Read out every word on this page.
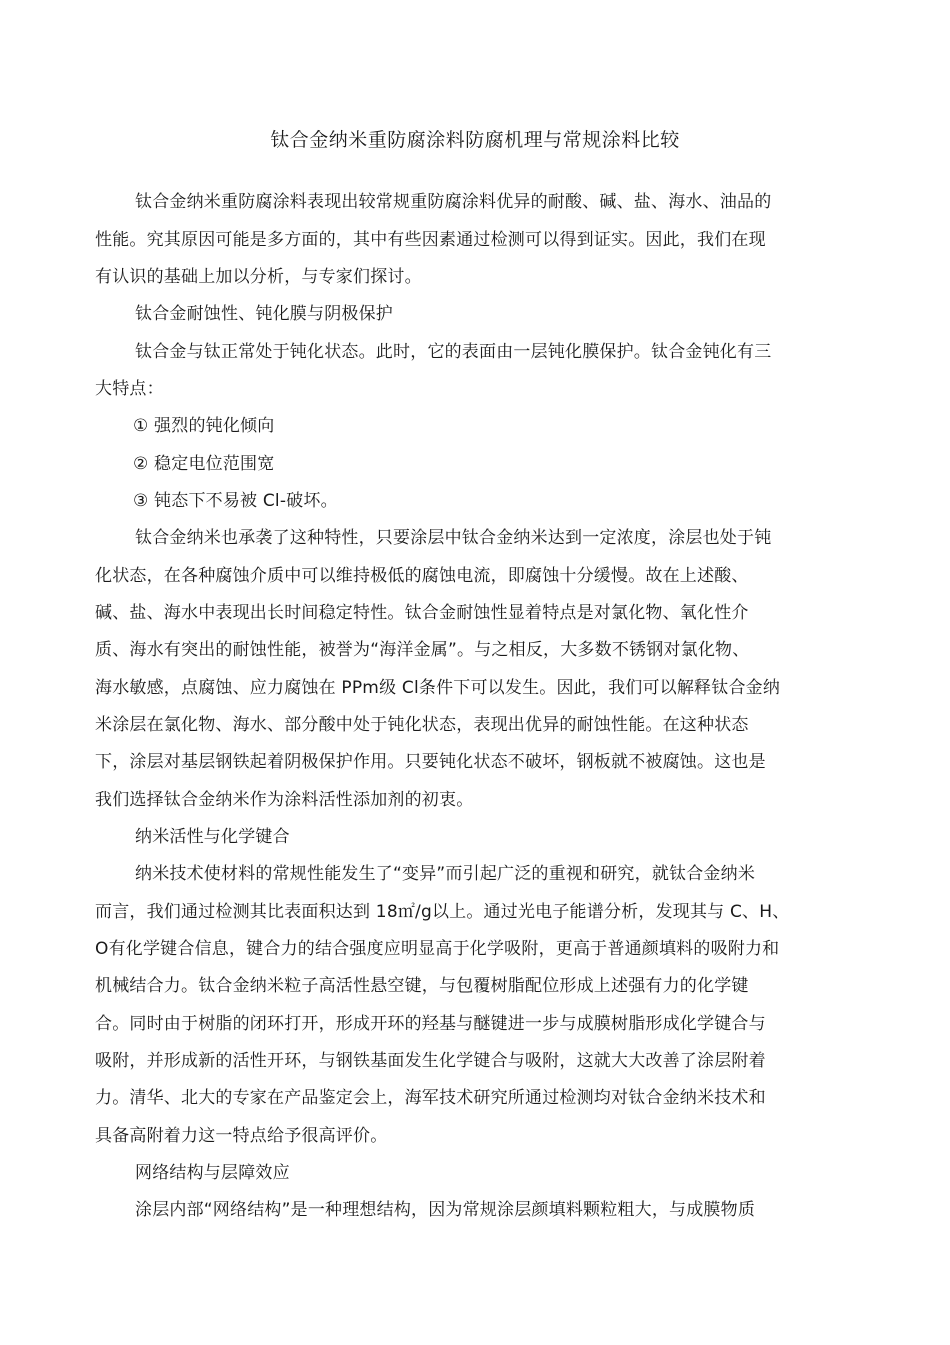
钛合金纳米重防腐涂料防腐机理与常规涂料比较
钛合金纳米重防腐涂料表现出较常规重防腐涂料优异的耐酸、碱、盐、海水、油品的
性能。究其原因可能是多方面的，其中有些因素通过检测可以得到证实。因此，我们在现
有认识的基础上加以分析，与专家们探讨。
钛合金耐蚀性、钝化膜与阴极保护
钛合金与钛正常处于钝化状态。此时，它的表面由一层钝化膜保护。钛合金钝化有三
大特点：
① 强烈的钝化倾向
② 稳定电位范围宽
③ 钝态下不易被 Cl-破坏。
钛合金纳米也承袭了这种特性，只要涂层中钛合金纳米达到一定浓度，涂层也处于钝
化状态，在各种腐蚀介质中可以维持极低的腐蚀电流，即腐蚀十分缓慢。故在上述酸、
碱、盐、海水中表现出长时间稳定特性。钛合金耐蚀性显着特点是对氯化物、氧化性介
质、海水有突出的耐蚀性能，被誉为“海洋金属”。与之相反，大多数不锈钢对氯化物、
海水敏感，点腐蚀、应力腐蚀在 PPm级 Cl条件下可以发生。因此，我们可以解释钛合金纳
米涂层在氯化物、海水、部分酸中处于钝化状态，表现出优异的耐蚀性能。在这种状态
下，涂层对基层钢铁起着阴极保护作用。只要钝化状态不破坏，钢板就不被腐蚀。这也是
我们选择钛合金纳米作为涂料活性添加剂的初衷。
纳米活性与化学键合
纳米技术使材料的常规性能发生了“变异”而引起广泛的重视和研究，就钛合金纳米
而言，我们通过检测其比表面积达到 18㎡/g以上。通过光电子能谱分析，发现其与 C、H、
O有化学键合信息，键合力的结合强度应明显高于化学吸附，更高于普通颜填料的吸附力和
机械结合力。钛合金纳米粒子高活性悬空键，与包覆树脂配位形成上述强有力的化学键
合。同时由于树脂的闭环打开，形成开环的羟基与醚键进一步与成膜树脂形成化学键合与
吸附，并形成新的活性开环，与钢铁基面发生化学键合与吸附，这就大大改善了涂层附着
力。清华、北大的专家在产品鉴定会上，海军技术研究所通过检测均对钛合金纳米技术和
具备高附着力这一特点给予很高评价。
网络结构与层障效应
涂层内部“网络结构”是一种理想结构，因为常规涂层颜填料颗粒粗大，与成膜物质
